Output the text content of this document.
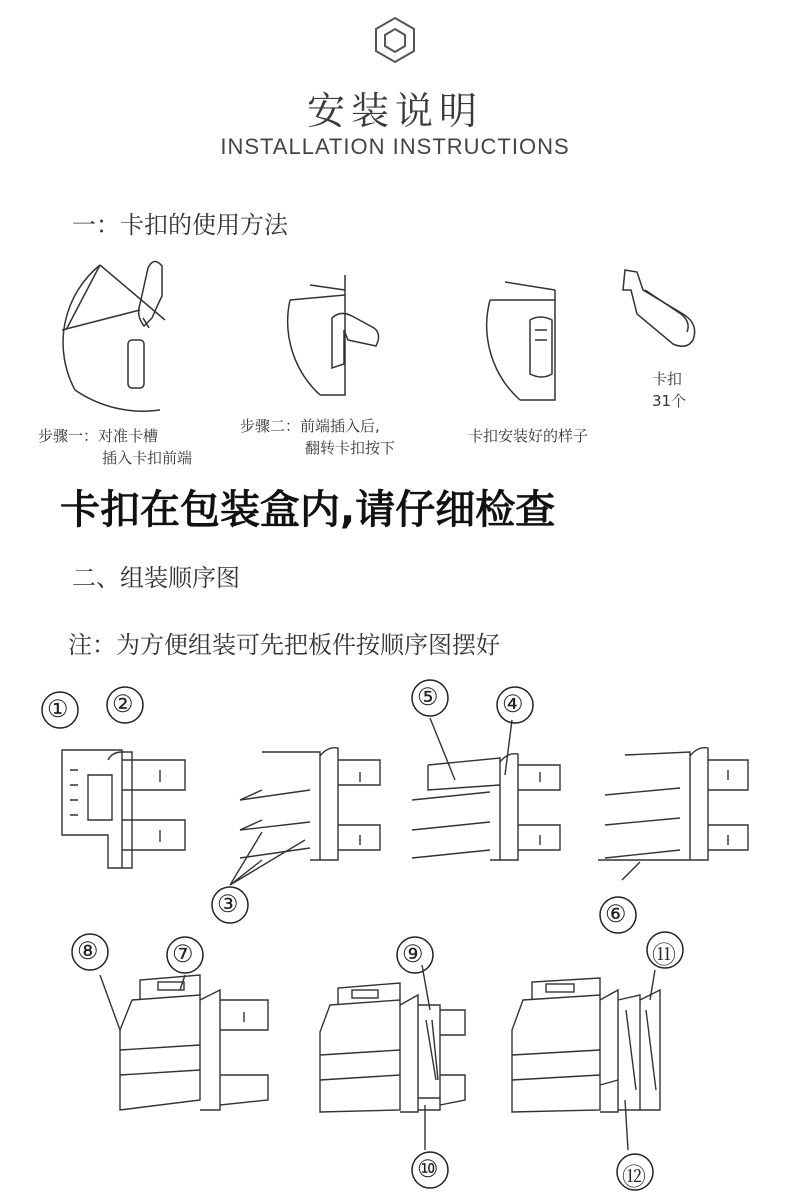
安装说明
INSTALLATION INSTRUCTIONS
一：卡扣的使用方法
步骤一：对准卡槽
插入卡扣前端
步骤二：前端插入后,
翻转卡扣按下
卡扣安装好的样子
卡扣
31个
卡扣在包装盒内,请仔细检查
二、组装顺序图
注：为方便组装可先把板件按顺序图摆好
① ②
③
④
⑤
⑥
⑦
⑧	⑨
⑩
⑪
⑫
